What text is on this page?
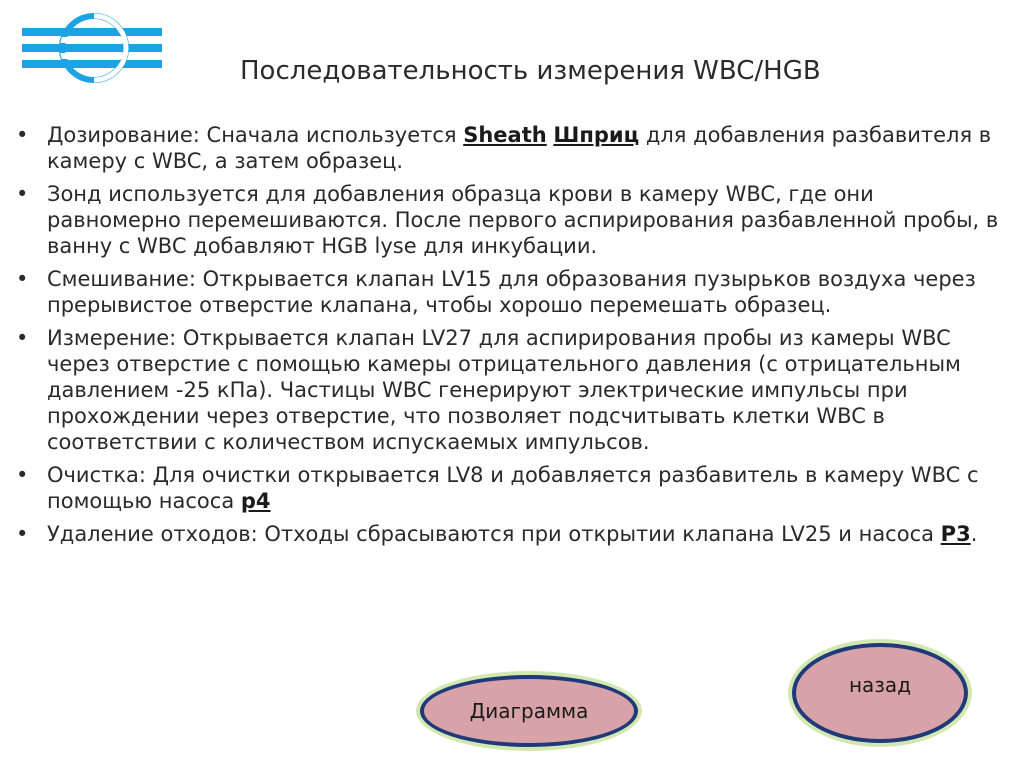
Последовательность измерения WBC/HGB
• Дозирование: Сначала используется Sheath Шприц для добавления разбавителя в камеру с WBC, а затем образец.
• Зонд используется для добавления образца крови в камеру WBC, где они равномерно перемешиваются. После первого аспирирования разбавленной пробы, в ванну с WBC добавляют HGB lyse для инкубации.
• Смешивание: Открывается клапан LV15 для образования пузырьков воздуха через прерывистое отверстие клапана, чтобы хорошо перемешать образец.
• Измерение: Открывается клапан LV27 для аспирирования пробы из камеры WBC через отверстие с помощью камеры отрицательного давления (с отрицательным давлением -25 кПа). Частицы WBC генерируют электрические импульсы при прохождении через отверстие, что позволяет подсчитывать клетки WBC в соответствии с количеством испускаемых импульсов.
• Очистка: Для очистки открывается LV8 и добавляется разбавитель в камеру WBC с помощью насоса p4
• Удаление отходов: Отходы сбрасываются при открытии клапана LV25 и насоса P3.
Диаграмма
назад
